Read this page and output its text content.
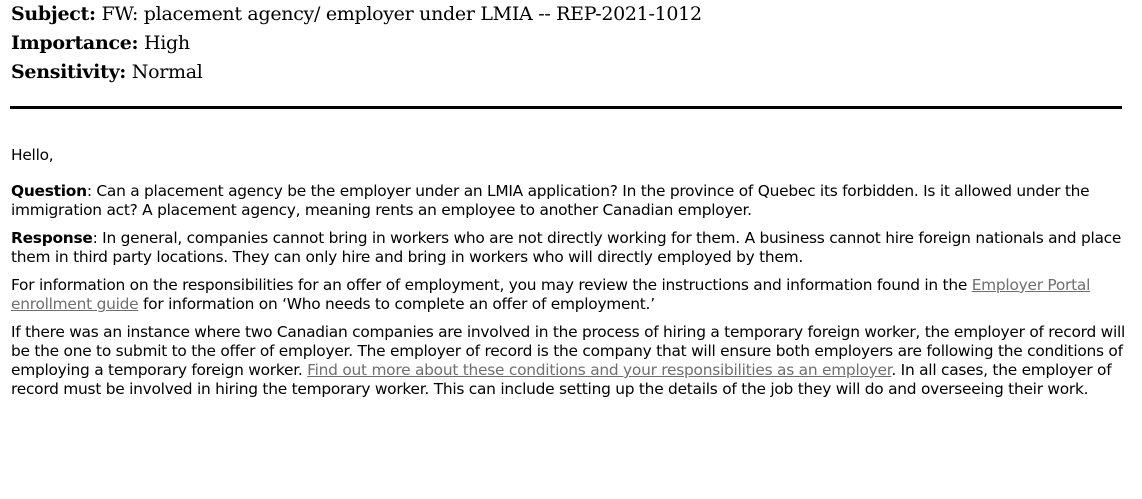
Subject: FW: placement agency/ employer under LMIA -- REP-2021-1012
Importance: High
Sensitivity: Normal

Hello,

Question: Can a placement agency be the employer under an LMIA application? In the province of Quebec its forbidden. Is it allowed under the immigration act? A placement agency, meaning rents an employee to another Canadian employer.

Response: In general, companies cannot bring in workers who are not directly working for them. A business cannot hire foreign nationals and place them in third party locations. They can only hire and bring in workers who will directly employed by them.

For information on the responsibilities for an offer of employment, you may review the instructions and information found in the Employer Portal enrollment guide for information on ‘Who needs to complete an offer of employment.’

If there was an instance where two Canadian companies are involved in the process of hiring a temporary foreign worker, the employer of record will be the one to submit to the offer of employer. The employer of record is the company that will ensure both employers are following the conditions of employing a temporary foreign worker. Find out more about these conditions and your responsibilities as an employer. In all cases, the employer of record must be involved in hiring the temporary worker. This can include setting up the details of the job they will do and overseeing their work.
